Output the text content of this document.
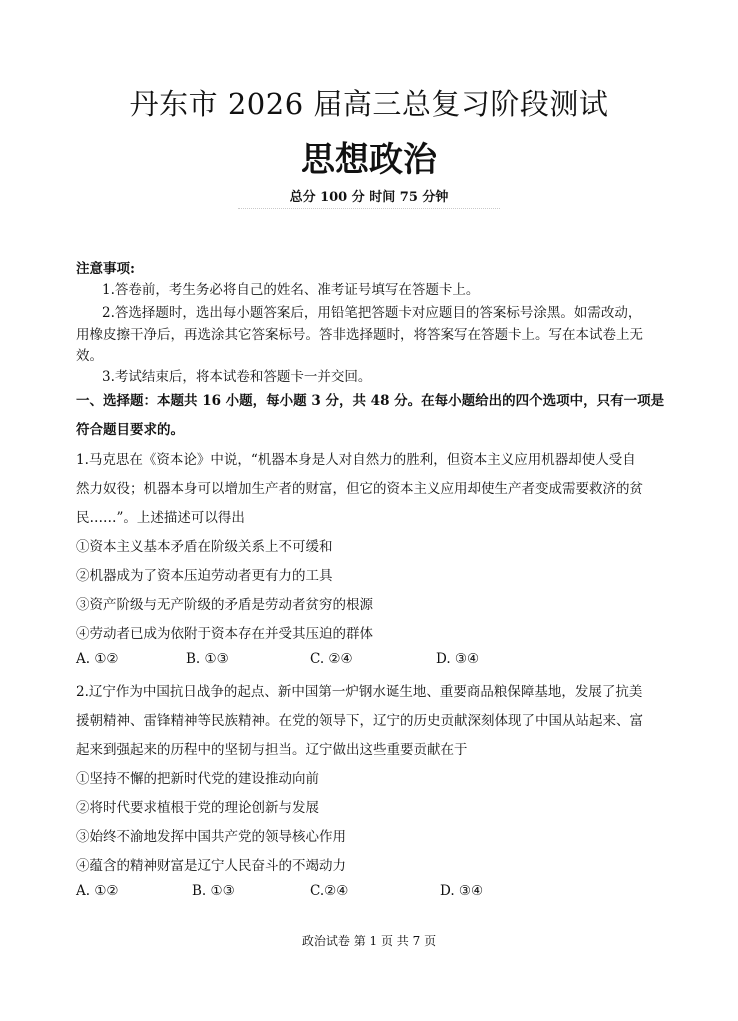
丹东市 2026 届高三总复习阶段测试
思想政治
总分 100 分 时间 75 分钟
注意事项:
1.答卷前，考生务必将自己的姓名、准考证号填写在答题卡上。
2.答选择题时，选出每小题答案后，用铅笔把答题卡对应题目的答案标号涂黑。如需改动，
用橡皮擦干净后，再选涂其它答案标号。答非选择题时，将答案写在答题卡上。写在本试卷上无
效。
3.考试结束后，将本试卷和答题卡一并交回。
一、选择题：本题共 16 小题，每小题 3 分，共 48 分。在每小题给出的四个选项中，只有一项是
符合题目要求的。
1.马克思在《资本论》中说，“机器本身是人对自然力的胜利，但资本主义应用机器却使人受自
然力奴役；机器本身可以增加生产者的财富，但它的资本主义应用却使生产者变成需要救济的贫
民……”。上述描述可以得出
①资本主义基本矛盾在阶级关系上不可缓和
②机器成为了资本压迫劳动者更有力的工具
③资产阶级与无产阶级的矛盾是劳动者贫穷的根源
④劳动者已成为依附于资本存在并受其压迫的群体
A. ①②	B. ①③	C. ②④	D. ③④
2.辽宁作为中国抗日战争的起点、新中国第一炉钢水诞生地、重要商品粮保障基地，发展了抗美
援朝精神、雷锋精神等民族精神。在党的领导下，辽宁的历史贡献深刻体现了中国从站起来、富
起来到强起来的历程中的坚韧与担当。辽宁做出这些重要贡献在于
①坚持不懈的把新时代党的建设推动向前
②将时代要求植根于党的理论创新与发展
③始终不渝地发挥中国共产党的领导核心作用
④蕴含的精神财富是辽宁人民奋斗的不竭动力
A. ①②	B. ①③	C.②④	D. ③④
政治试卷 第 1 页 共 7 页
